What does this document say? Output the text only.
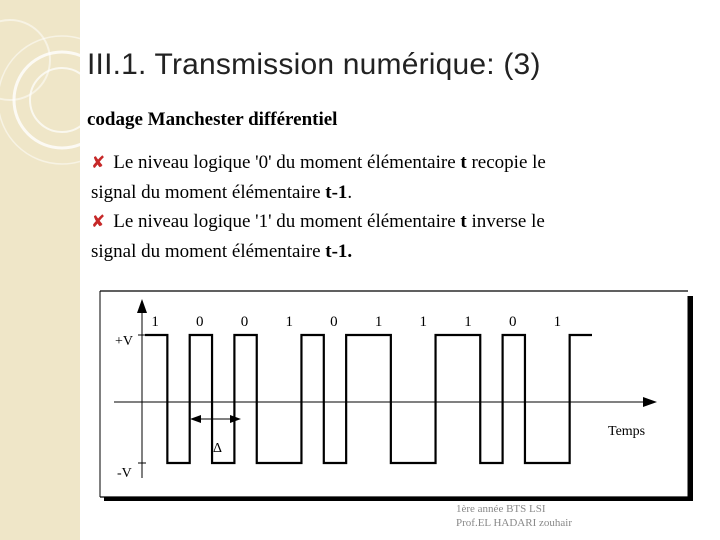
III.1. Transmission numérique: (3)
codage Manchester différentiel
✘ Le niveau logique '0' du moment élémentaire t recopie le
signal du moment élémentaire t-1.
✘ Le niveau logique '1' du moment élémentaire t inverse le
signal du moment élémentaire t-1.
+V
-V
Temps
1 0 0 1 0 1 1 1 0 1
Δ
1ère année BTS LSI
Prof.EL HADARI zouhair
